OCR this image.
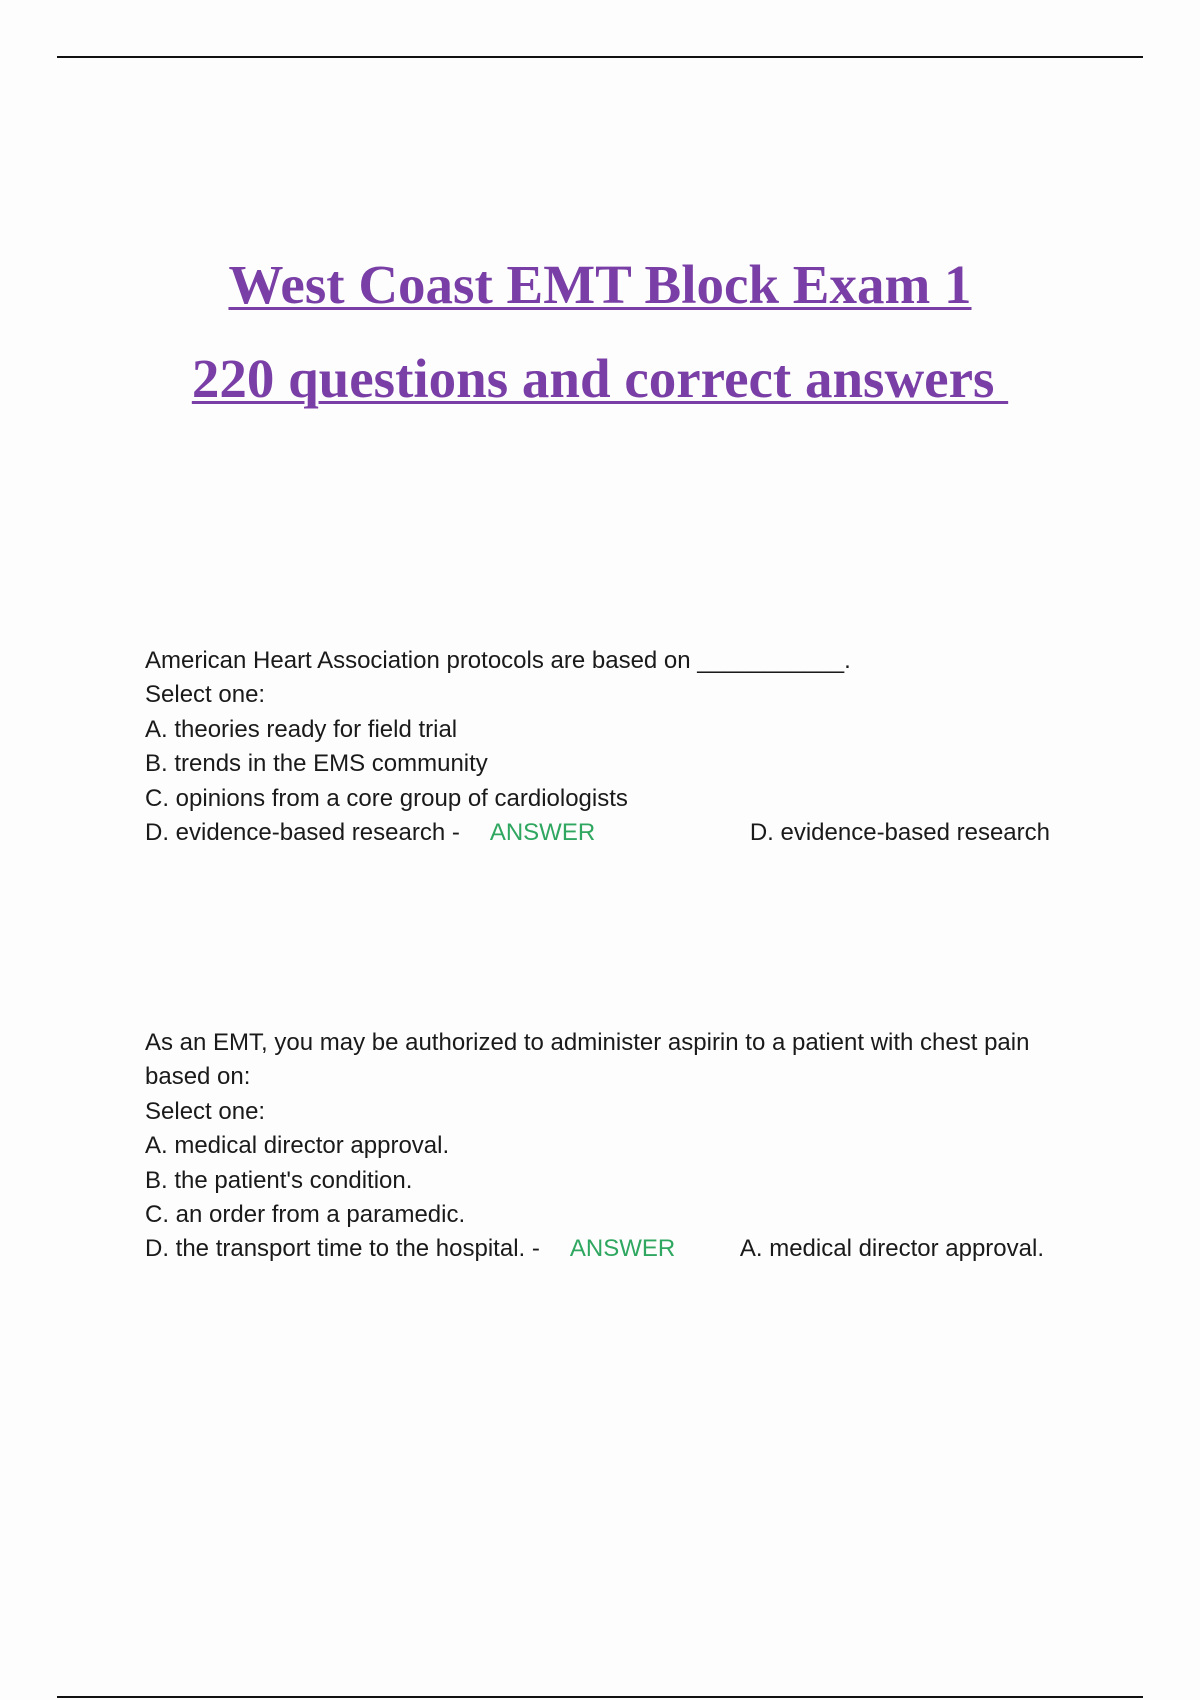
West Coast EMT Block Exam 1
220 questions and correct answers
American Heart Association protocols are based on ___________.
Select one:
A. theories ready for field trial
B. trends in the EMS community
C. opinions from a core group of cardiologists
D. evidence-based research - ANSWER	D. evidence-based research
As an EMT, you may be authorized to administer aspirin to a patient with chest pain based on:
Select one:
A. medical director approval.
B. the patient's condition.
C. an order from a paramedic.
D. the transport time to the hospital. - ANSWER	A. medical director approval.
